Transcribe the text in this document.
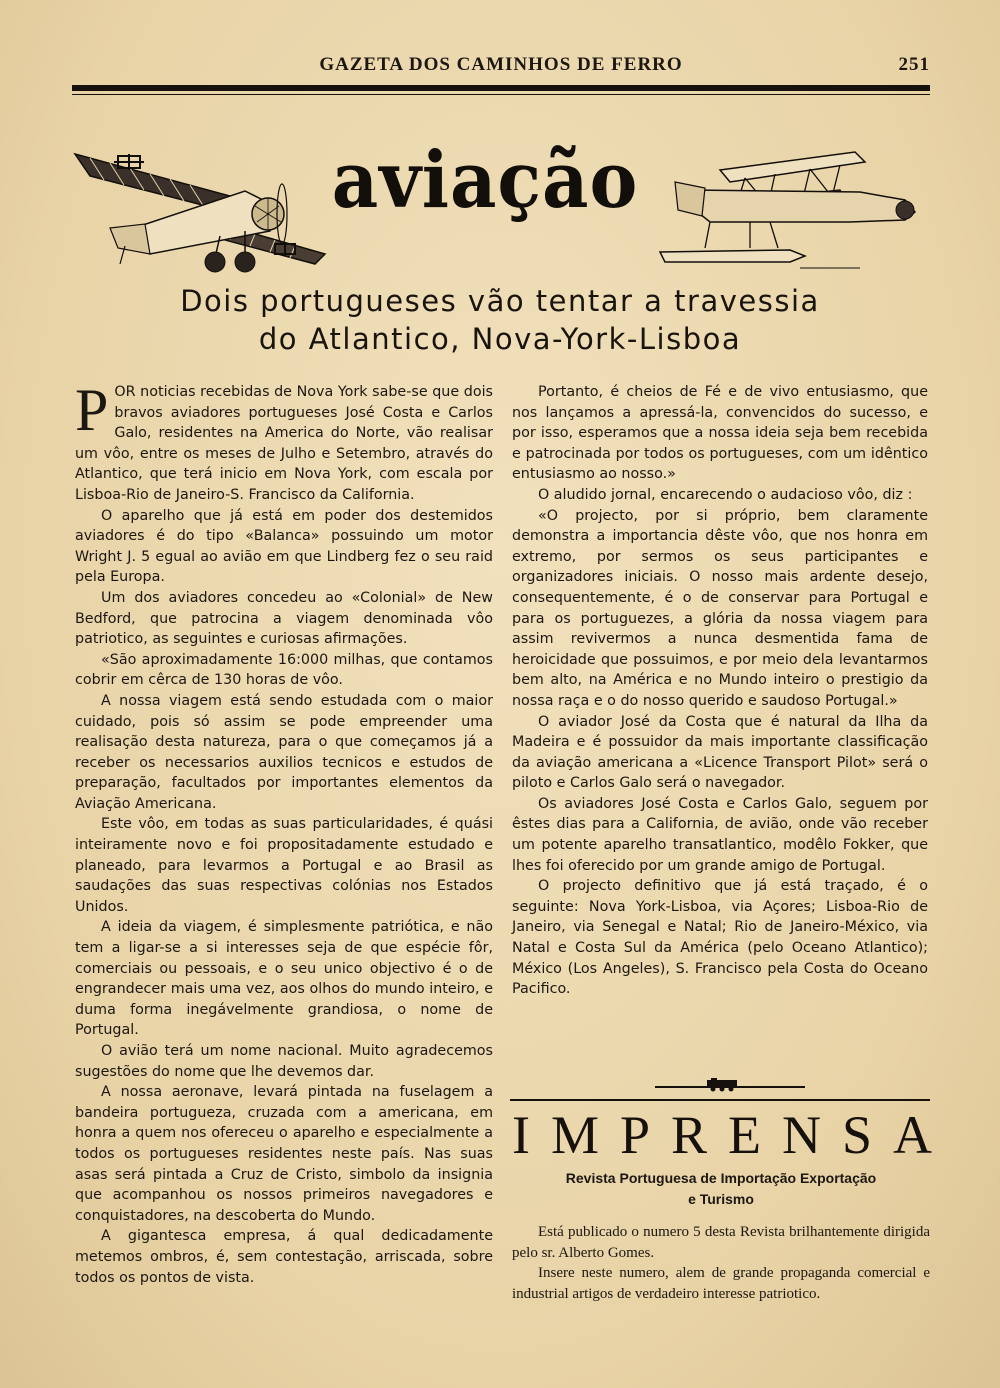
GAZETA DOS CAMINHOS DE FERRO	251
aviação
Dois portugueses vão tentar a travessia
do Atlantico, Nova-York-Lisboa

POR noticias recebidas de Nova York sabe-se que dois bravos aviadores portugueses José Costa e Carlos Galo, residentes na America do Norte, vão realisar um vôo, entre os meses de Julho e Setembro, através do Atlantico, que terá inicio em Nova York, com escala por Lisboa-Rio de Janeiro-S. Francisco da California.

O aparelho que já está em poder dos destemidos aviadores é do tipo «Balanca» possuindo um motor Wright J. 5 egual ao avião em que Lindberg fez o seu raid pela Europa.

Um dos aviadores concedeu ao «Colonial» de New Bedford, que patrocina a viagem denominada vôo patriotico, as seguintes e curiosas afirmações.

«São aproximadamente 16:000 milhas, que contamos cobrir em cêrca de 130 horas de vôo.

A nossa viagem está sendo estudada com o maior cuidado, pois só assim se pode empreender uma realisação desta natureza, para o que começamos já a receber os necessarios auxilios tecnicos e estudos de preparação, facultados por importantes elementos da Aviação Americana.

Este vôo, em todas as suas particularidades, é quási inteiramente novo e foi propositadamente estudado e planeado, para levarmos a Portugal e ao Brasil as saudações das suas respectivas colónias nos Estados Unidos.

A ideia da viagem, é simplesmente patriótica, e não tem a ligar-se a si interesses seja de que espécie fôr, comerciais ou pessoais, e o seu unico objectivo é o de engrandecer mais uma vez, aos olhos do mundo inteiro, e duma forma inegávelmente grandiosa, o nome de Portugal.

O avião terá um nome nacional. Muito agradecemos sugestões do nome que lhe devemos dar.

A nossa aeronave, levará pintada na fuselagem a bandeira portugueza, cruzada com a americana, em honra a quem nos ofereceu o aparelho e especialmente a todos os portugueses residentes neste país. Nas suas asas será pintada a Cruz de Cristo, simbolo da insignia que acompanhou os nossos primeiros navegadores e conquistadores, na descoberta do Mundo.

A gigantesca empresa, á qual dedicadamente metemos ombros, é, sem contestação, arriscada, sobre todos os pontos de vista.

Portanto, é cheios de Fé e de vivo entusiasmo, que nos lançamos a apressá-la, convencidos do sucesso, e por isso, esperamos que a nossa ideia seja bem recebida e patrocinada por todos os portugueses, com um idêntico entusiasmo ao nosso.»

O aludido jornal, encarecendo o audacioso vôo, diz :

«O projecto, por si próprio, bem claramente demonstra a importancia dêste vôo, que nos honra em extremo, por sermos os seus participantes e organizadores iniciais. O nosso mais ardente desejo, consequentemente, é o de conservar para Portugal e para os portuguezes, a glória da nossa viagem para assim revivermos a nunca desmentida fama de heroicidade que possuimos, e por meio dela levantarmos bem alto, na América e no Mundo inteiro o prestigio da nossa raça e o do nosso querido e saudoso Portugal.»

O aviador José da Costa que é natural da Ilha da Madeira e é possuidor da mais importante classificação da aviação americana a «Licence Transport Pilot» será o piloto e Carlos Galo será o navegador.

Os aviadores José Costa e Carlos Galo, seguem por êstes dias para a California, de avião, onde vão receber um potente aparelho transatlantico, modêlo Fokker, que lhes foi oferecido por um grande amigo de Portugal.

O projecto definitivo que já está traçado, é o seguinte: Nova York-Lisboa, via Açores; Lisboa-Rio de Janeiro, via Senegal e Natal; Rio de Janeiro-México, via Natal e Costa Sul da América (pelo Oceano Atlantico); México (Los Angeles), S. Francisco pela Costa do Oceano Pacifico.

IMPRENSA
Revista Portuguesa de Importação Exportação
e Turismo

Está publicado o numero 5 desta Revista brilhantemente dirigida pelo sr. Alberto Gomes.

Insere neste numero, alem de grande propaganda comercial e industrial artigos de verdadeiro interesse patriotico.
